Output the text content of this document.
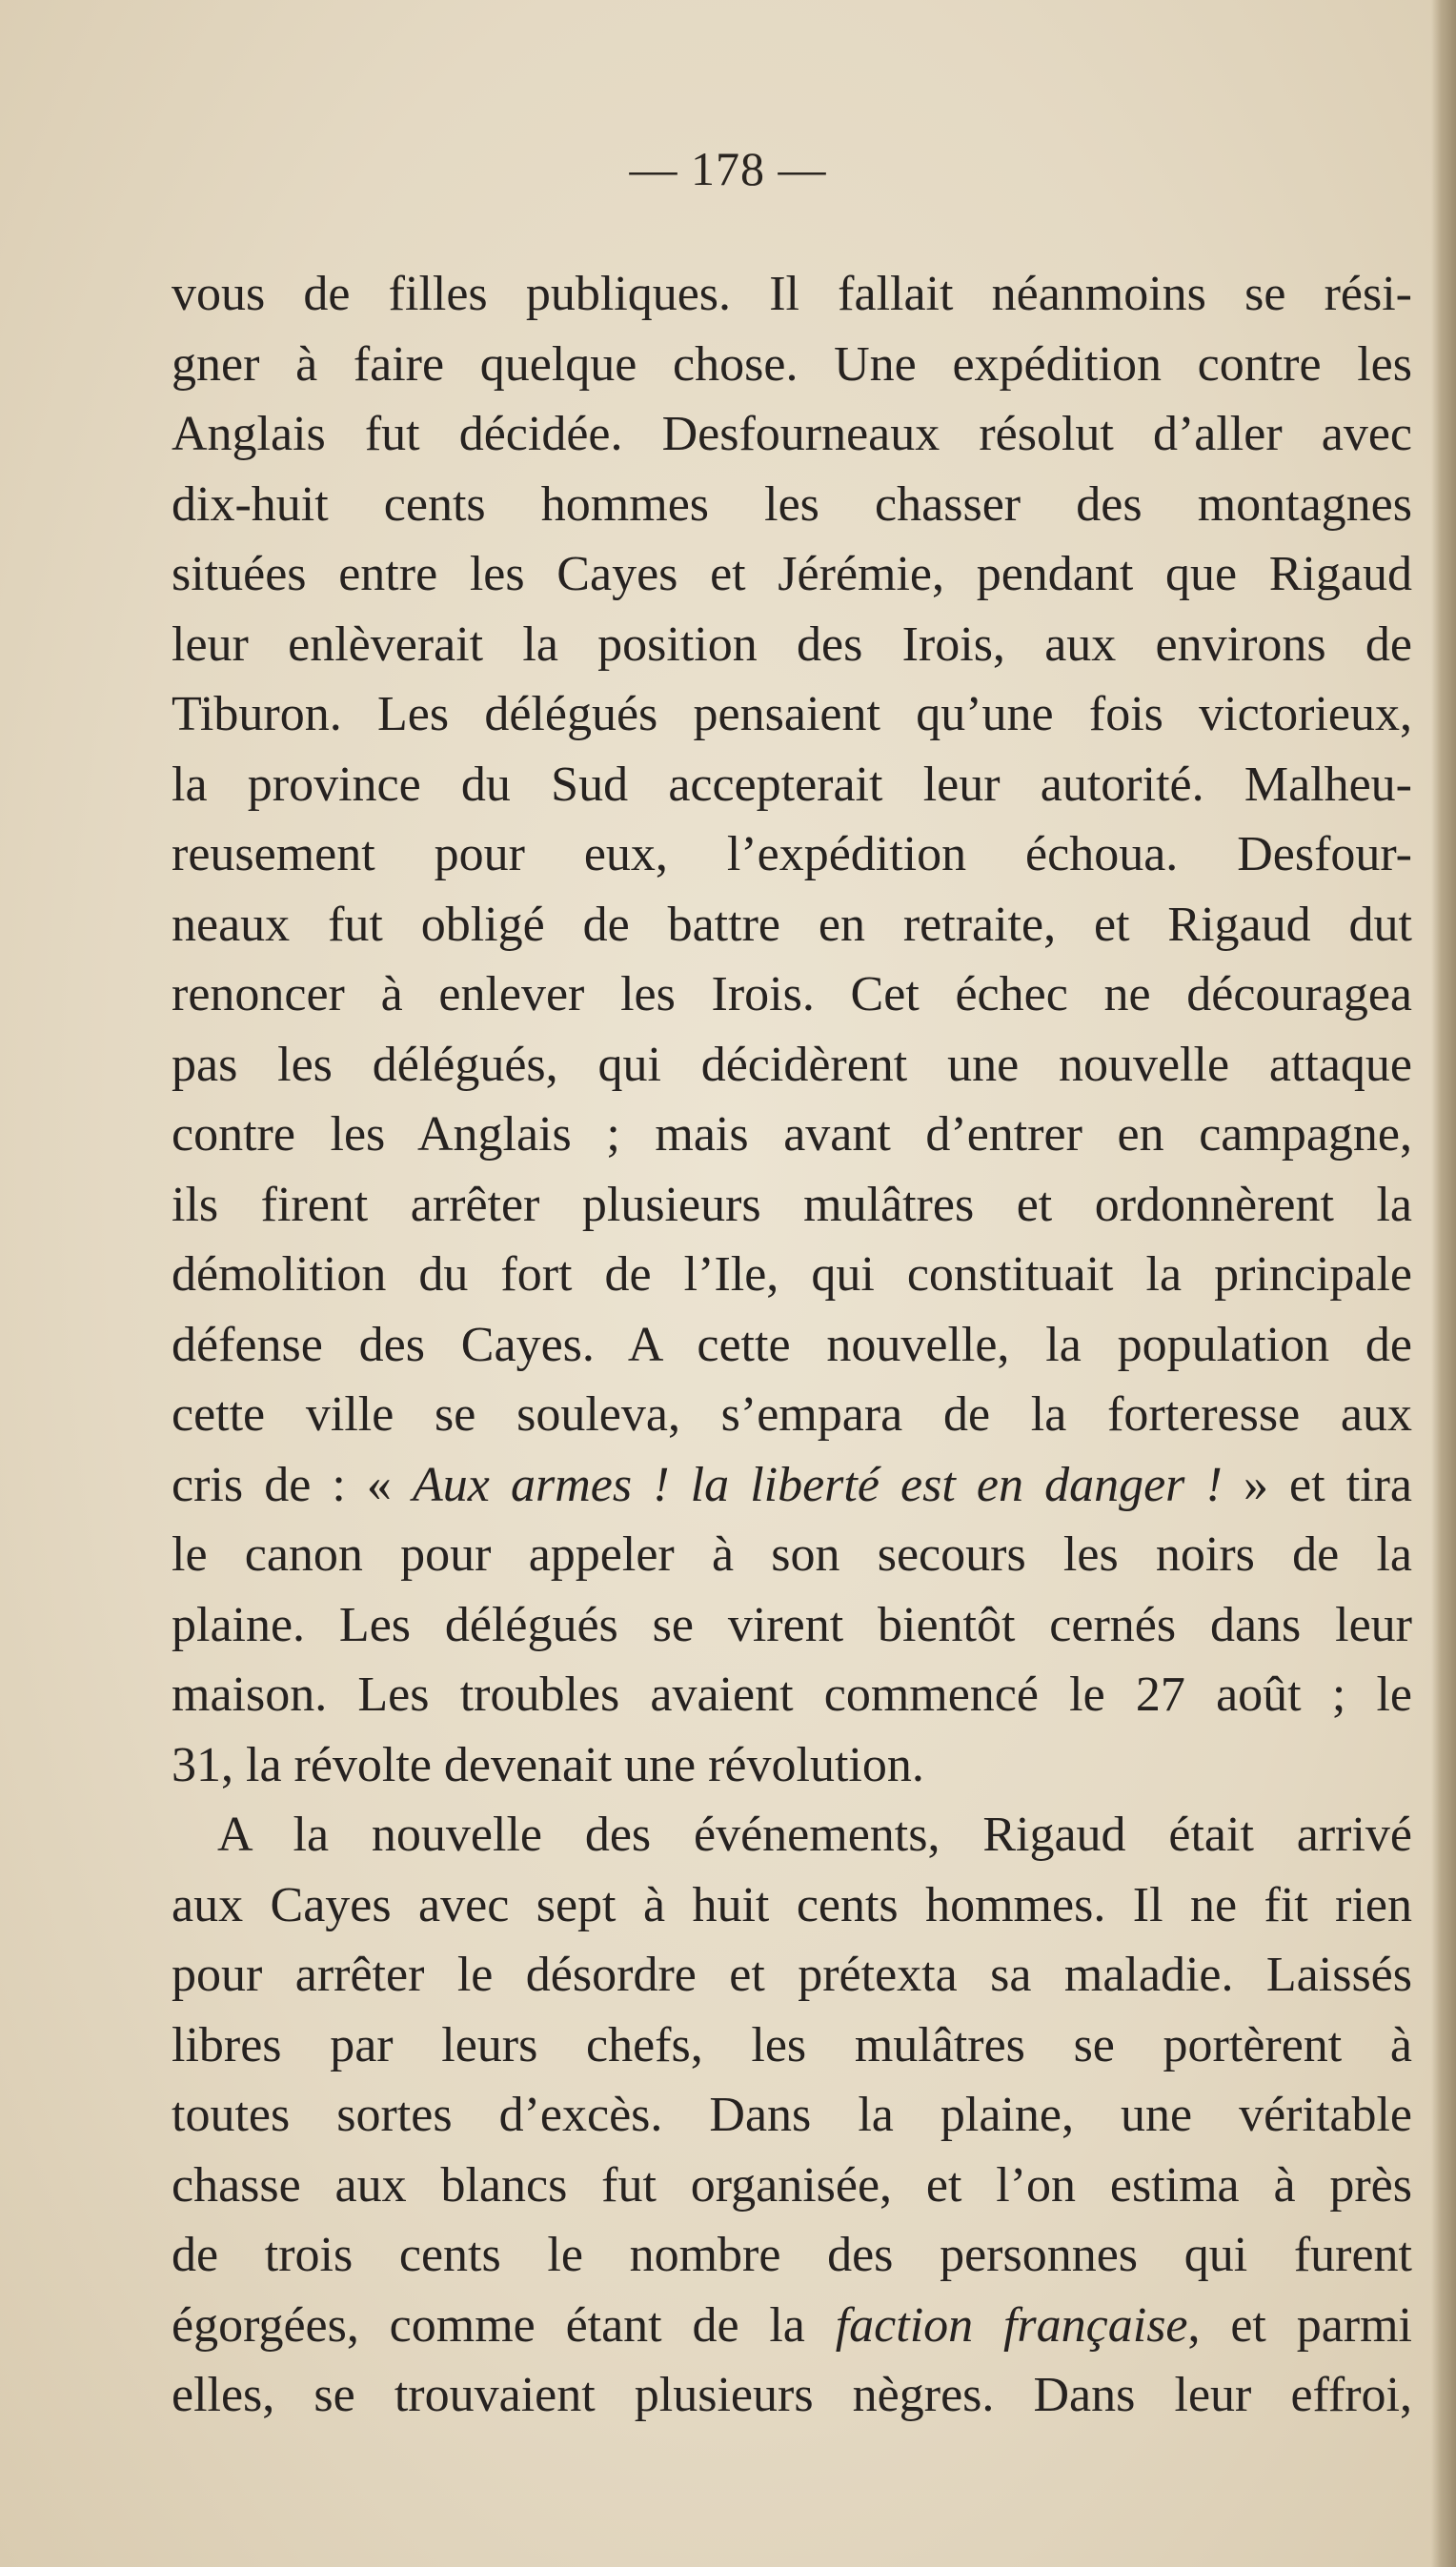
— 178 —
vous de filles publiques. Il fallait néanmoins se rési-
gner à faire quelque chose. Une expédition contre les
Anglais fut décidée. Desfourneaux résolut d’aller avec
dix-huit cents hommes les chasser des montagnes
situées entre les Cayes et Jérémie, pendant que Rigaud
leur enlèverait la position des Irois, aux environs de
Tiburon. Les délégués pensaient qu’une fois victorieux,
la province du Sud accepterait leur autorité. Malheu-
reusement pour eux, l’expédition échoua. Desfour-
neaux fut obligé de battre en retraite, et Rigaud dut
renoncer à enlever les Irois. Cet échec ne découragea
pas les délégués, qui décidèrent une nouvelle attaque
contre les Anglais ; mais avant d’entrer en campagne,
ils firent arrêter plusieurs mulâtres et ordonnèrent la
démolition du fort de l’Ile, qui constituait la principale
défense des Cayes. A cette nouvelle, la population de
cette ville se souleva, s’empara de la forteresse aux
cris de : « Aux armes ! la liberté est en danger ! » et tira
le canon pour appeler à son secours les noirs de la
plaine. Les délégués se virent bientôt cernés dans leur
maison. Les troubles avaient commencé le 27 août ; le
31, la révolte devenait une révolution.
A la nouvelle des événements, Rigaud était arrivé
aux Cayes avec sept à huit cents hommes. Il ne fit rien
pour arrêter le désordre et prétexta sa maladie. Laissés
libres par leurs chefs, les mulâtres se portèrent à
toutes sortes d’excès. Dans la plaine, une véritable
chasse aux blancs fut organisée, et l’on estima à près
de trois cents le nombre des personnes qui furent
égorgées, comme étant de la faction française, et parmi
elles, se trouvaient plusieurs nègres. Dans leur effroi,
